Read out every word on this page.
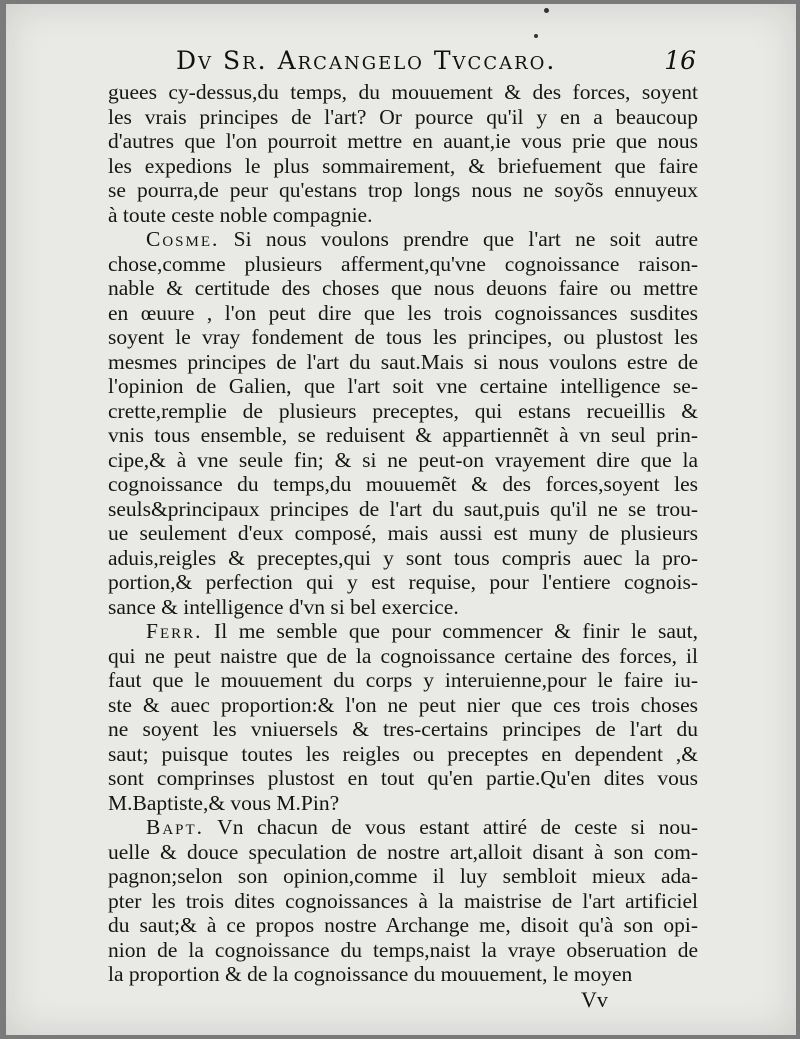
Dv Sr. Arcangelo Tvccaro.	16
guees cy-dessus,du temps, du mouuement & des forces, soyent
les vrais principes de l'art? Or pource qu'il y en a beaucoup
d'autres que l'on pourroit mettre en auant,ie vous prie que nous
les expedions le plus sommairement, & briefuement que faire
se pourra,de peur qu'estans trop longs nous ne soyõs ennuyeux
à toute ceste noble compagnie.
Cosme. Si nous voulons prendre que l'art ne soit autre
chose,comme plusieurs afferment,qu'vne cognoissance raison-
nable & certitude des choses que nous deuons faire ou mettre
en œuure , l'on peut dire que les trois cognoissances susdites
soyent le vray fondement de tous les principes, ou plustost les
mesmes principes de l'art du saut.Mais si nous voulons estre de
l'opinion de Galien, que l'art soit vne certaine intelligence se-
crette,remplie de plusieurs preceptes, qui estans recueillis &
vnis tous ensemble, se reduisent & appartiennẽt à vn seul prin-
cipe,& à vne seule fin; & si ne peut-on vrayement dire que la
cognoissance du temps,du mouuemẽt & des forces,soyent les
seuls&principaux principes de l'art du saut,puis qu'il ne se trou-
ue seulement d'eux composé, mais aussi est muny de plusieurs
aduis,reigles & preceptes,qui y sont tous compris auec la pro-
portion,& perfection qui y est requise, pour l'entiere cognois-
sance & intelligence d'vn si bel exercice.
Ferr. Il me semble que pour commencer & finir le saut,
qui ne peut naistre que de la cognoissance certaine des forces, il
faut que le mouuement du corps y interuienne,pour le faire iu-
ste & auec proportion:& l'on ne peut nier que ces trois choses
ne soyent les vniuersels & tres-certains principes de l'art du
saut; puisque toutes les reigles ou preceptes en dependent ,&
sont comprinses plustost en tout qu'en partie.Qu'en dites vous
M.Baptiste,& vous M.Pin?
Bapt. Vn chacun de vous estant attiré de ceste si nou-
uelle & douce speculation de nostre art,alloit disant à son com-
pagnon;selon son opinion,comme il luy sembloit mieux ada-
pter les trois dites cognoissances à la maistrise de l'art artificiel
du saut;& à ce propos nostre Archange me, disoit qu'à son opi-
nion de la cognoissance du temps,naist la vraye obseruation de
la proportion & de la cognoissance du mouuement, le moyen
Vv
